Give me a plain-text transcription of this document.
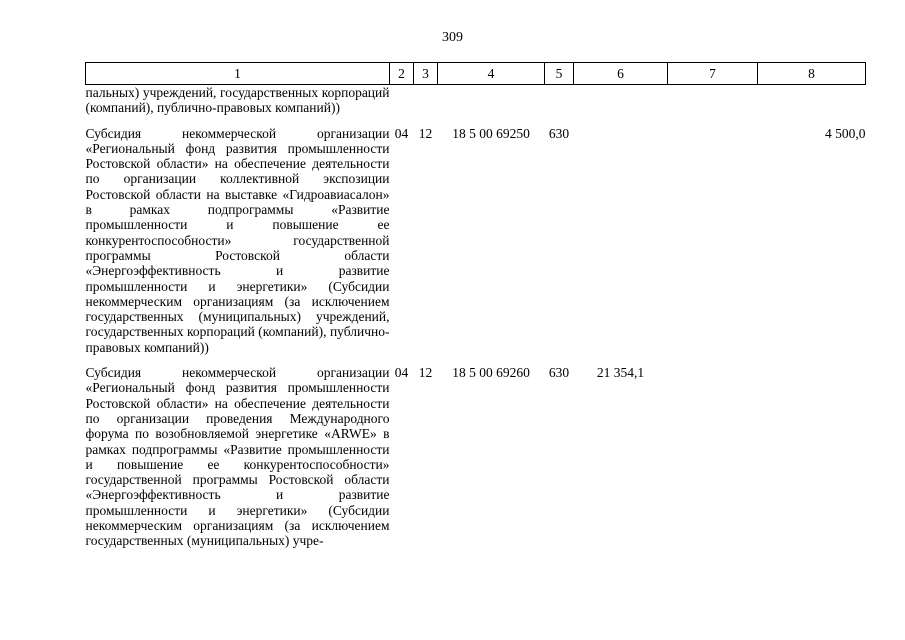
309
1	2	3	4	5	6	7	8
пальных) учреждений, государственных корпораций (компаний), публично-правовых компаний))							
Субсидия некоммерческой организации «Региональный фонд развития промышленности Ростовской области» на обеспечение деятельности по организации коллективной экспозиции Ростовской области на выставке «Гидроавиасалон» в рамках подпрограммы «Развитие промышленности и повышение ее конкурентоспособности» государственной программы Ростовской области «Энергоэффективность и развитие промышленности и энергетики» (Субсидии некоммерческим организациям (за исключением государственных (муниципальных) учреждений, государственных корпораций (компаний), публично-правовых компаний))	04	12	18 5 00 69250	630			4 500,0
Субсидия некоммерческой организации «Региональный фонд развития промышленности Ростовской области» на обеспечение деятельности по организации проведения Международного форума по возобновляемой энергетике «ARWE» в рамках подпрограммы «Развитие промышленности и повышение ее конкурентоспособности» государственной программы Ростовской области «Энергоэффективность и развитие промышленности и энергетики» (Субсидии некоммерческим организациям (за исключением государственных (муниципальных) учре-	04	12	18 5 00 69260	630	21 354,1		
